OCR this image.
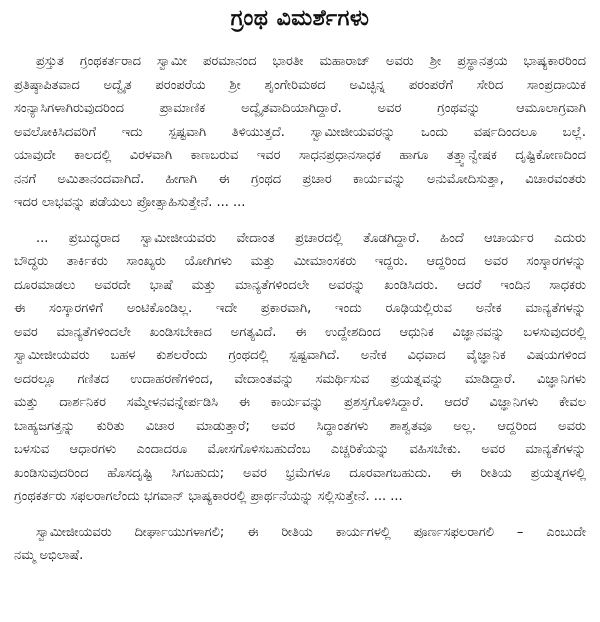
ಗ್ರಂಥ ವಿಮರ್ಶೆಗಳು
ಪ್ರಸ್ತುತ ಗ್ರಂಥಕರ್ತರಾದ ಸ್ವಾಮೀ ಪರಮಾನಂದ ಭಾರತೀ ಮಹಾರಾಜ್ ಅವರು ಶ್ರೀ ಪ್ರಸ್ಥಾನತ್ರಯ ಭಾಷ್ಯಕಾರರಿಂದ
ಪ್ರತಿಷ್ಠಾಪಿತವಾದ ಅದ್ವೈತ ಪರಂಪರೆಯ ಶ್ರೀ ಶೃಂಗೇರಿಮಠದ ಅವಿಚ್ಛಿನ್ನ ಪರಂಪರೆಗೆ ಸೇರಿದ ಸಾಂಪ್ರದಾಯಿಕ
ಸಂನ್ಯಾಸಿಗಳಾಗಿರುವುದರಿಂದ ಪ್ರಾಮಾಣಿಕ ಅದ್ವೈತವಾದಿಯಾಗಿದ್ದಾರೆ. ಅವರ ಗ್ರಂಥವನ್ನು ಆಮೂಲಾಗ್ರವಾಗಿ
ಅವಲೋಕಿಸಿದವರಿಗೆ ಇದು ಸ್ಪಷ್ಟವಾಗಿ ತಿಳಿಯುತ್ತದೆ. ಸ್ವಾಮೀಜೀಯವರನ್ನು ಒಂದು ವರ್ಷದಿಂದಲೂ ಬಲ್ಲೆ.
ಯಾವುದೇ ಕಾಲದಲ್ಲಿ ವಿರಳವಾಗಿ ಕಾಣಬರುವ ಇವರ ಸಾಧನಪ್ರಧಾನಸಾಧಕ ಹಾಗೂ ತತ್ತ್ವಾನ್ವೇಷಕ ದೃಷ್ಟಿಕೋಣದಿಂದ
ನನಗೆ ಅಮಿತಾನಂದವಾಗಿದೆ. ಹೀಗಾಗಿ ಈ ಗ್ರಂಥದ ಪ್ರಚಾರ ಕಾರ್ಯವನ್ನು ಅನುಮೋದಿಸುತ್ತಾ, ವಿಚಾರವಂತರು
ಇದರ ಲಾಭವನ್ನು ಪಡೆಯಲು ಪ್ರೋತ್ಸಾಹಿಸುತ್ತೇನೆ. ... ...
... ಪ್ರಬುದ್ಧರಾದ ಸ್ವಾಮೀಜೀಯವರು ವೇದಾಂತ ಪ್ರಚಾರದಲ್ಲಿ ತೊಡಗಿದ್ದಾರೆ. ಹಿಂದೆ ಆಚಾರ್ಯರ ಎದುರು
ಬೌದ್ಧರು ತಾರ್ಕಿಕರು ಸಾಂಖ್ಯರು ಯೋಗಿಗಳು ಮತ್ತು ಮೀಮಾಂಸಕರು ಇದ್ದರು. ಆದ್ದರಿಂದ ಅವರ ಸಂಸ್ಕಾರಗಳನ್ನು
ದೂರಮಾಡಲು ಅವರದೇ ಭಾಷೆ ಮತ್ತು ಮಾನ್ಯತೆಗಳಿಂದಲೇ ಅವರನ್ನು ಖಂಡಿಸಿದರು. ಆದರೆ ಇಂದಿನ ಸಾಧಕರು
ಈ ಸಂಸ್ಕಾರಗಳಿಗೆ ಅಂಟಿಕೊಂಡಿಲ್ಲ. ಇದೇ ಪ್ರಕಾರವಾಗಿ, ಇಂದು ರೂಢಿಯಲ್ಲಿರುವ ಅನೇಕ ಮಾನ್ಯತೆಗಳನ್ನು
ಅವರ ಮಾನ್ಯತೆಗಳಿಂದಲೇ ಖಂಡಿಸಬೇಕಾದ ಅಗತ್ಯವಿದೆ. ಈ ಉದ್ದೇಶದಿಂದ ಆಧುನಿಕ ವಿಜ್ಞಾನವನ್ನು ಬಳಸುವುದರಲ್ಲಿ
ಸ್ವಾಮೀಜೀಯವರು ಬಹಳ ಕುಶಲರೆಂದು ಗ್ರಂಥದಲ್ಲಿ ಸ್ಪಷ್ಟವಾಗಿದೆ. ಅನೇಕ ವಿಧವಾದ ವೈಜ್ಞಾನಿಕ ವಿಷಯಗಳಿಂದ
ಅದರಲ್ಲೂ ಗಣಿತದ ಉದಾಹರಣೆಗಳಿಂದ, ವೇದಾಂತವನ್ನು ಸಮರ್ಥಿಸುವ ಪ್ರಯತ್ನವನ್ನು ಮಾಡಿದ್ದಾರೆ. ವಿಜ್ಞಾನಿಗಳು
ಮತ್ತು ದಾರ್ಶನಿಕರ ಸಮ್ಮೇಳನವನ್ನೇರ್ಪಡಿಸಿ ಈ ಕಾರ್ಯವನ್ನು ಪ್ರಶಸ್ತಗೊಳಿಸಿದ್ದಾರೆ. ಆದರೆ ವಿಜ್ಞಾನಿಗಳು ಕೇವಲ
ಬಾಹ್ಯಜಗತ್ತನ್ನು ಕುರಿತು ವಿಚಾರ ಮಾಡುತ್ತಾರೆ; ಅವರ ಸಿದ್ಧಾಂತಗಳು ಶಾಶ್ವತವೂ ಅಲ್ಲ. ಆದ್ದರಿಂದ ಅವರು
ಬಳಸುವ ಆಧಾರಗಳು ಎಂದಾದರೂ ಮೋಸಗೊಳಿಸಬಹುದೆಂಬ ಎಚ್ಚರಿಕೆಯನ್ನು ವಹಿಸಬೇಕು. ಅವರ ಮಾನ್ಯತೆಗಳನ್ನು
ಖಂಡಿಸುವುದರಿಂದ ಹೊಸದೃಷ್ಟಿ ಸಿಗಬಹುದು; ಅವರ ಭ್ರಮೆಗಳೂ ದೂರವಾಗಬಹುದು. ಈ ರೀತಿಯ ಪ್ರಯತ್ನಗಳಲ್ಲಿ
ಗ್ರಂಥಕರ್ತರು ಸಫಲರಾಗಲೆಂದು ಭಗವಾನ್ ಭಾಷ್ಯಕಾರರಲ್ಲಿ ಪ್ರಾರ್ಥನೆಯನ್ನು ಸಲ್ಲಿಸುತ್ತೇನೆ. ... ...
ಸ್ವಾಮೀಜೀಯವರು ದೀರ್ಘಾಯುಗಳಾಗಲಿ; ಈ ರೀತಿಯ ಕಾರ್ಯಗಳಲ್ಲಿ ಪೂರ್ಣಸಫಲರಾಗಲಿ – ಎಂಬುದೇ
ನಮ್ಮ ಅಭಿಲಾಷೆ.
